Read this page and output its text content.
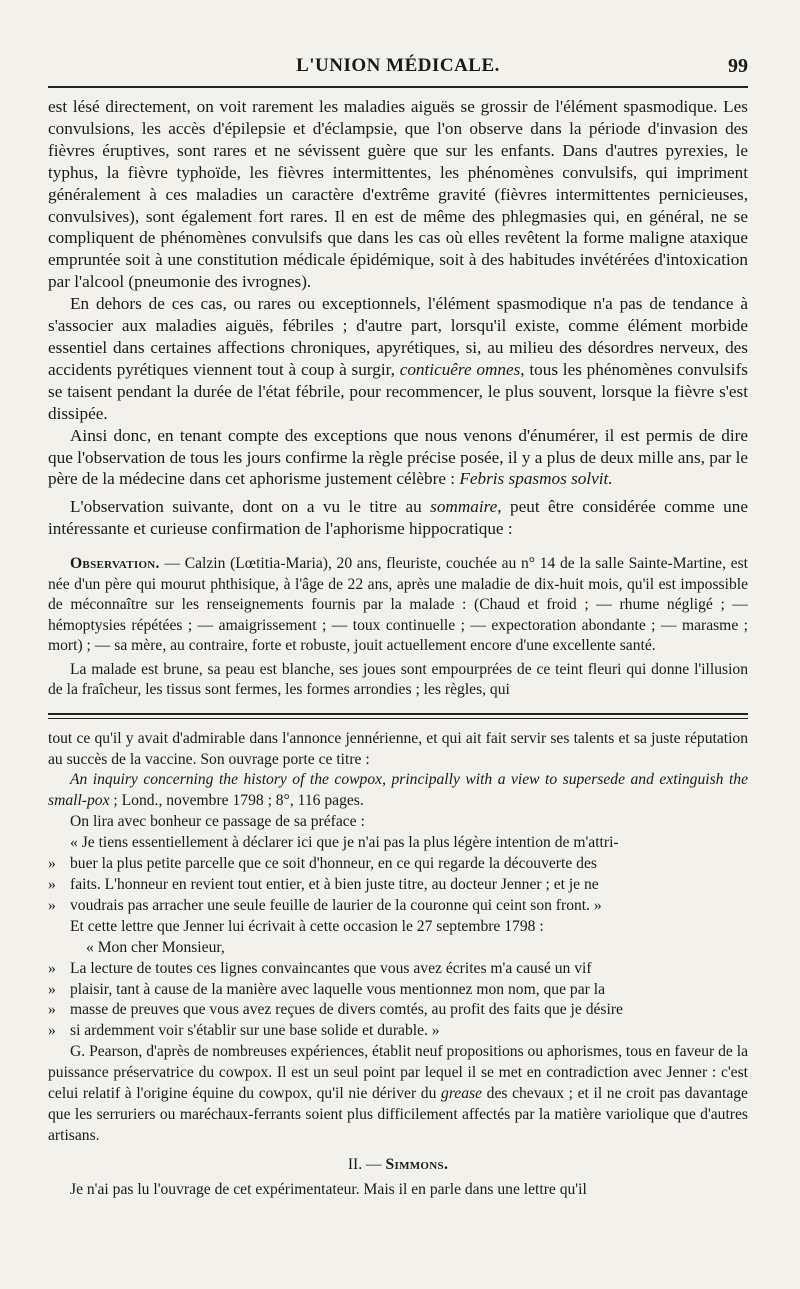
L'UNION MÉDICALE.	99

est lésé directement, on voit rarement les maladies aiguës se grossir de l'élément spasmodique. Les convulsions, les accès d'épilepsie et d'éclampsie, que l'on observe dans la période d'invasion des fièvres éruptives, sont rares et ne sévissent guère que sur les enfants. Dans d'autres pyrexies, le typhus, la fièvre typhoïde, les fièvres intermittentes, les phénomènes convulsifs, qui impriment généralement à ces maladies un caractère d'extrême gravité (fièvres intermittentes pernicieuses, convulsives), sont également fort rares. Il en est de même des phlegmasies qui, en général, ne se compliquent de phénomènes convulsifs que dans les cas où elles revêtent la forme maligne ataxique empruntée soit à une constitution médicale épidémique, soit à des habitudes invétérées d'intoxication par l'alcool (pneumonie des ivrognes).

En dehors de ces cas, ou rares ou exceptionnels, l'élément spasmodique n'a pas de tendance à s'associer aux maladies aiguës, fébriles ; d'autre part, lorsqu'il existe, comme élément morbide essentiel dans certaines affections chroniques, apyrétiques, si, au milieu des désordres nerveux, des accidents pyrétiques viennent tout à coup à surgir, conticuêre omnes, tous les phénomènes convulsifs se taisent pendant la durée de l'état fébrile, pour recommencer, le plus souvent, lorsque la fièvre s'est dissipée.

Ainsi donc, en tenant compte des exceptions que nous venons d'énumérer, il est permis de dire que l'observation de tous les jours confirme la règle précise posée, il y a plus de deux mille ans, par le père de la médecine dans cet aphorisme justement célèbre : Febris spasmos solvit.

L'observation suivante, dont on a vu le titre au sommaire, peut être considérée comme une intéressante et curieuse confirmation de l'aphorisme hippocratique :

Observation. — Calzin (Lœtitia-Maria), 20 ans, fleuriste, couchée au n° 14 de la salle Sainte-Martine, est née d'un père qui mourut phthisique, à l'âge de 22 ans, après une maladie de dix-huit mois, qu'il est impossible de méconnaître sur les renseignements fournis par la malade : (Chaud et froid ; — rhume négligé ; — hémoptysies répétées ; — amaigrissement ; — toux continuelle ; — expectoration abondante ; — marasme ; mort) ; — sa mère, au contraire, forte et robuste, jouit actuellement encore d'une excellente santé.

La malade est brune, sa peau est blanche, ses joues sont empourprées de ce teint fleuri qui donne l'illusion de la fraîcheur, les tissus sont fermes, les formes arrondies ; les règles, qui

tout ce qu'il y avait d'admirable dans l'annonce jennérienne, et qui ait fait servir ses talents et sa juste réputation au succès de la vaccine. Son ouvrage porte ce titre :

An inquiry concerning the history of the cowpox, principally with a view to supersede and extinguish the small-pox ; Lond., novembre 1798 ; 8°, 116 pages.

On lira avec bonheur ce passage de sa préface :

« Je tiens essentiellement à déclarer ici que je n'ai pas la plus légère intention de m'attri-

» buer la plus petite parcelle que ce soit d'honneur, en ce qui regarde la découverte des

» faits. L'honneur en revient tout entier, et à bien juste titre, au docteur Jenner ; et je ne

» voudrais pas arracher une seule feuille de laurier de la couronne qui ceint son front. »

Et cette lettre que Jenner lui écrivait à cette occasion le 27 septembre 1798 :

« Mon cher Monsieur,

» La lecture de toutes ces lignes convaincantes que vous avez écrites m'a causé un vif

» plaisir, tant à cause de la manière avec laquelle vous mentionnez mon nom, que par la

» masse de preuves que vous avez reçues de divers comtés, au profit des faits que je désire

» si ardemment voir s'établir sur une base solide et durable. »

G. Pearson, d'après de nombreuses expériences, établit neuf propositions ou aphorismes, tous en faveur de la puissance préservatrice du cowpox. Il est un seul point par lequel il se met en contradiction avec Jenner : c'est celui relatif à l'origine équine du cowpox, qu'il nie dériver du grease des chevaux ; et il ne croit pas davantage que les serruriers ou maréchaux-ferrants soient plus difficilement affectés par la matière variolique que d'autres artisans.

II. — Simmons.

Je n'ai pas lu l'ouvrage de cet expérimentateur. Mais il en parle dans une lettre qu'il
